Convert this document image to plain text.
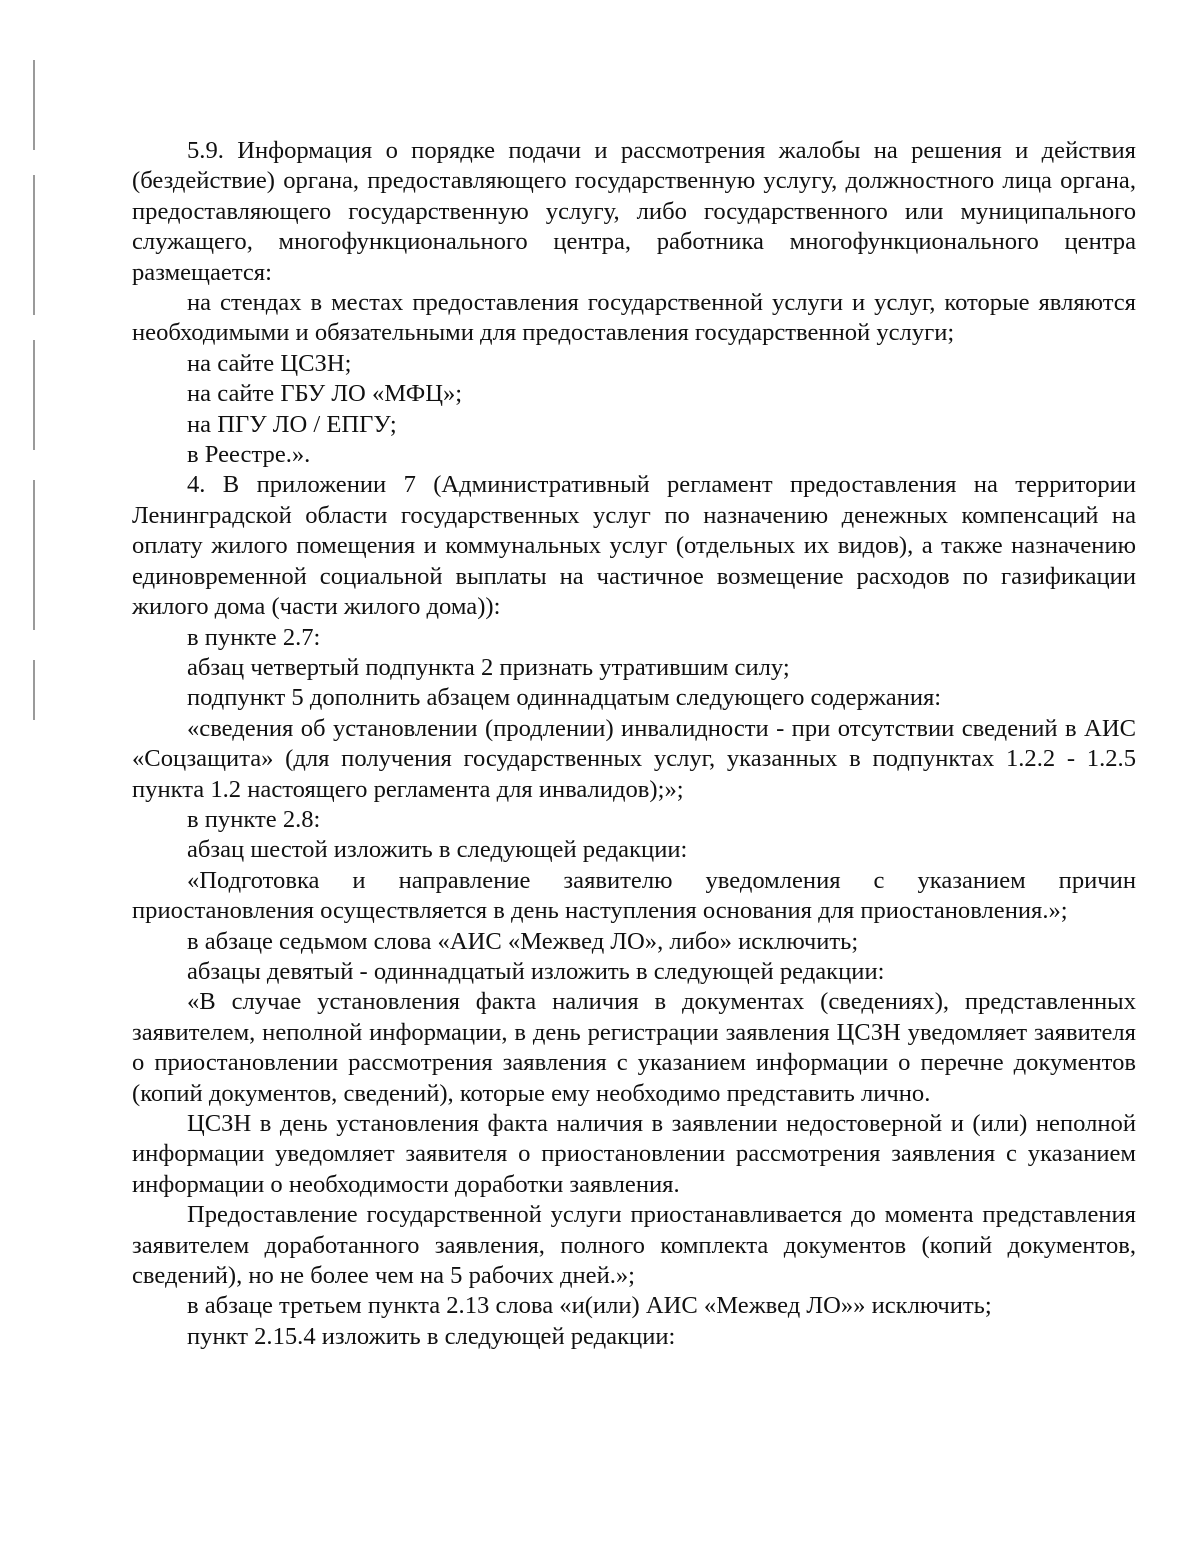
5.9. Информация о порядке подачи и рассмотрения жалобы на решения и действия (бездействие) органа, предоставляющего государственную услугу, должностного лица органа, предоставляющего государственную услугу, либо государственного или муниципального служащего, многофункционального центра, работника многофункционального центра размещается:

на стендах в местах предоставления государственной услуги и услуг, которые являются необходимыми и обязательными для предоставления государственной услуги;

на сайте ЦСЗН;

на сайте ГБУ ЛО «МФЦ»;

на ПГУ ЛО / ЕПГУ;

в Реестре.».

4. В приложении 7 (Административный регламент предоставления на территории Ленинградской области государственных услуг по назначению денежных компенсаций на оплату жилого помещения и коммунальных услуг (отдельных их видов), а также назначению единовременной социальной выплаты на частичное возмещение расходов по газификации жилого дома (части жилого дома)):

в пункте 2.7:

абзац четвертый подпункта 2 признать утратившим силу;

подпункт 5 дополнить абзацем одиннадцатым следующего содержания:

«сведения об установлении (продлении) инвалидности - при отсутствии сведений в АИС «Соцзащита» (для получения государственных услуг, указанных в подпунктах 1.2.2 - 1.2.5 пункта 1.2 настоящего регламента для инвалидов);»;

в пункте 2.8:

абзац шестой изложить в следующей редакции:

«Подготовка и направление заявителю уведомления с указанием причин приостановления осуществляется в день наступления основания для приостановления.»;

в абзаце седьмом слова «АИС «Межвед ЛО», либо» исключить;

абзацы девятый - одиннадцатый изложить в следующей редакции:

«В случае установления факта наличия в документах (сведениях), представленных заявителем, неполной информации, в день регистрации заявления ЦСЗН уведомляет заявителя о приостановлении рассмотрения заявления с указанием информации о перечне документов (копий документов, сведений), которые ему необходимо представить лично.

ЦСЗН в день установления факта наличия в заявлении недостоверной и (или) неполной информации уведомляет заявителя о приостановлении рассмотрения заявления с указанием информации о необходимости доработки заявления.

Предоставление государственной услуги приостанавливается до момента представления заявителем доработанного заявления, полного комплекта документов (копий документов, сведений), но не более чем на 5 рабочих дней.»;

в абзаце третьем пункта 2.13 слова «и(или) АИС «Межвед ЛО»» исключить;

пункт 2.15.4 изложить в следующей редакции:
